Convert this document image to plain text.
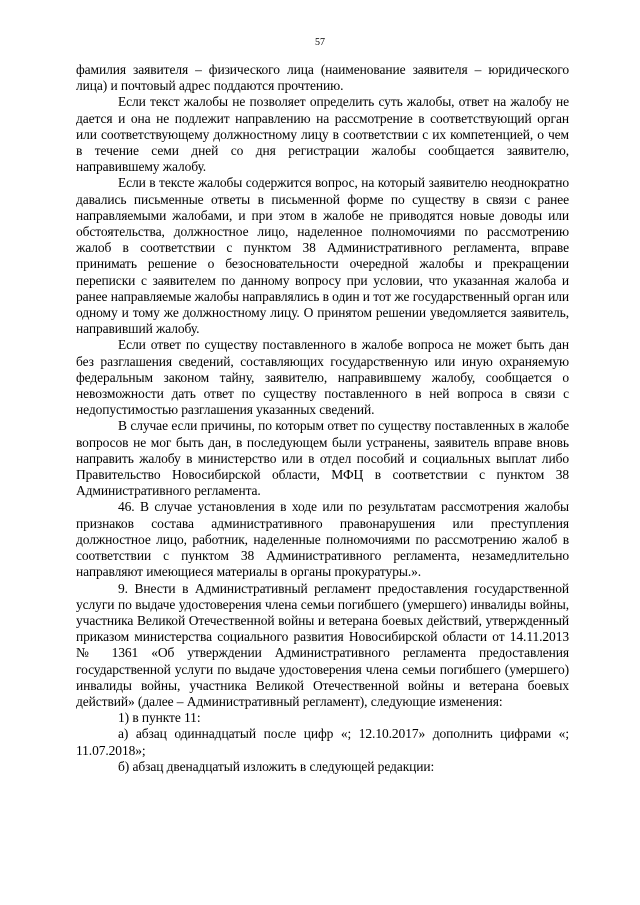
57

фамилия заявителя – физического лица (наименование заявителя – юридического лица) и почтовый адрес поддаются прочтению.

Если текст жалобы не позволяет определить суть жалобы, ответ на жалобу не дается и она не подлежит направлению на рассмотрение в соответствующий орган или соответствующему должностному лицу в соответствии с их компетенцией, о чем в течение семи дней со дня регистрации жалобы сообщается заявителю, направившему жалобу.

Если в тексте жалобы содержится вопрос, на который заявителю неоднократно давались письменные ответы в письменной форме по существу в связи с ранее направляемыми жалобами, и при этом в жалобе не приводятся новые доводы или обстоятельства, должностное лицо, наделенное полномочиями по рассмотрению жалоб в соответствии с пунктом 38 Административного регламента, вправе принимать решение о безосновательности очередной жалобы и прекращении переписки с заявителем по данному вопросу при условии, что указанная жалоба и ранее направляемые жалобы направлялись в один и тот же государственный орган или одному и тому же должностному лицу. О принятом решении уведомляется заявитель, направивший жалобу.

Если ответ по существу поставленного в жалобе вопроса не может быть дан без разглашения сведений, составляющих государственную или иную охраняемую федеральным законом тайну, заявителю, направившему жалобу, сообщается о невозможности дать ответ по существу поставленного в ней вопроса в связи с недопустимостью разглашения указанных сведений.

В случае если причины, по которым ответ по существу поставленных в жалобе вопросов не мог быть дан, в последующем были устранены, заявитель вправе вновь направить жалобу в министерство или в отдел пособий и социальных выплат либо Правительство Новосибирской области, МФЦ в соответствии с пунктом 38 Административного регламента.

46. В случае установления в ходе или по результатам рассмотрения жалобы признаков состава административного правонарушения или преступления должностное лицо, работник, наделенные полномочиями по рассмотрению жалоб в соответствии с пунктом 38 Административного регламента, незамедлительно направляют имеющиеся материалы в органы прокуратуры.».

9. Внести в Административный регламент предоставления государственной услуги по выдаче удостоверения члена семьи погибшего (умершего) инвалиды войны, участника Великой Отечественной войны и ветерана боевых действий, утвержденный приказом министерства социального развития Новосибирской области от 14.11.2013 № 1361 «Об утверждении Административного регламента предоставления государственной услуги по выдаче удостоверения члена семьи погибшего (умершего) инвалиды войны, участника Великой Отечественной войны и ветерана боевых действий» (далее – Административный регламент), следующие изменения:

1) в пункте 11:

а) абзац одиннадцатый после цифр «; 12.10.2017» дополнить цифрами «; 11.07.2018»;

б) абзац двенадцатый изложить в следующей редакции:
